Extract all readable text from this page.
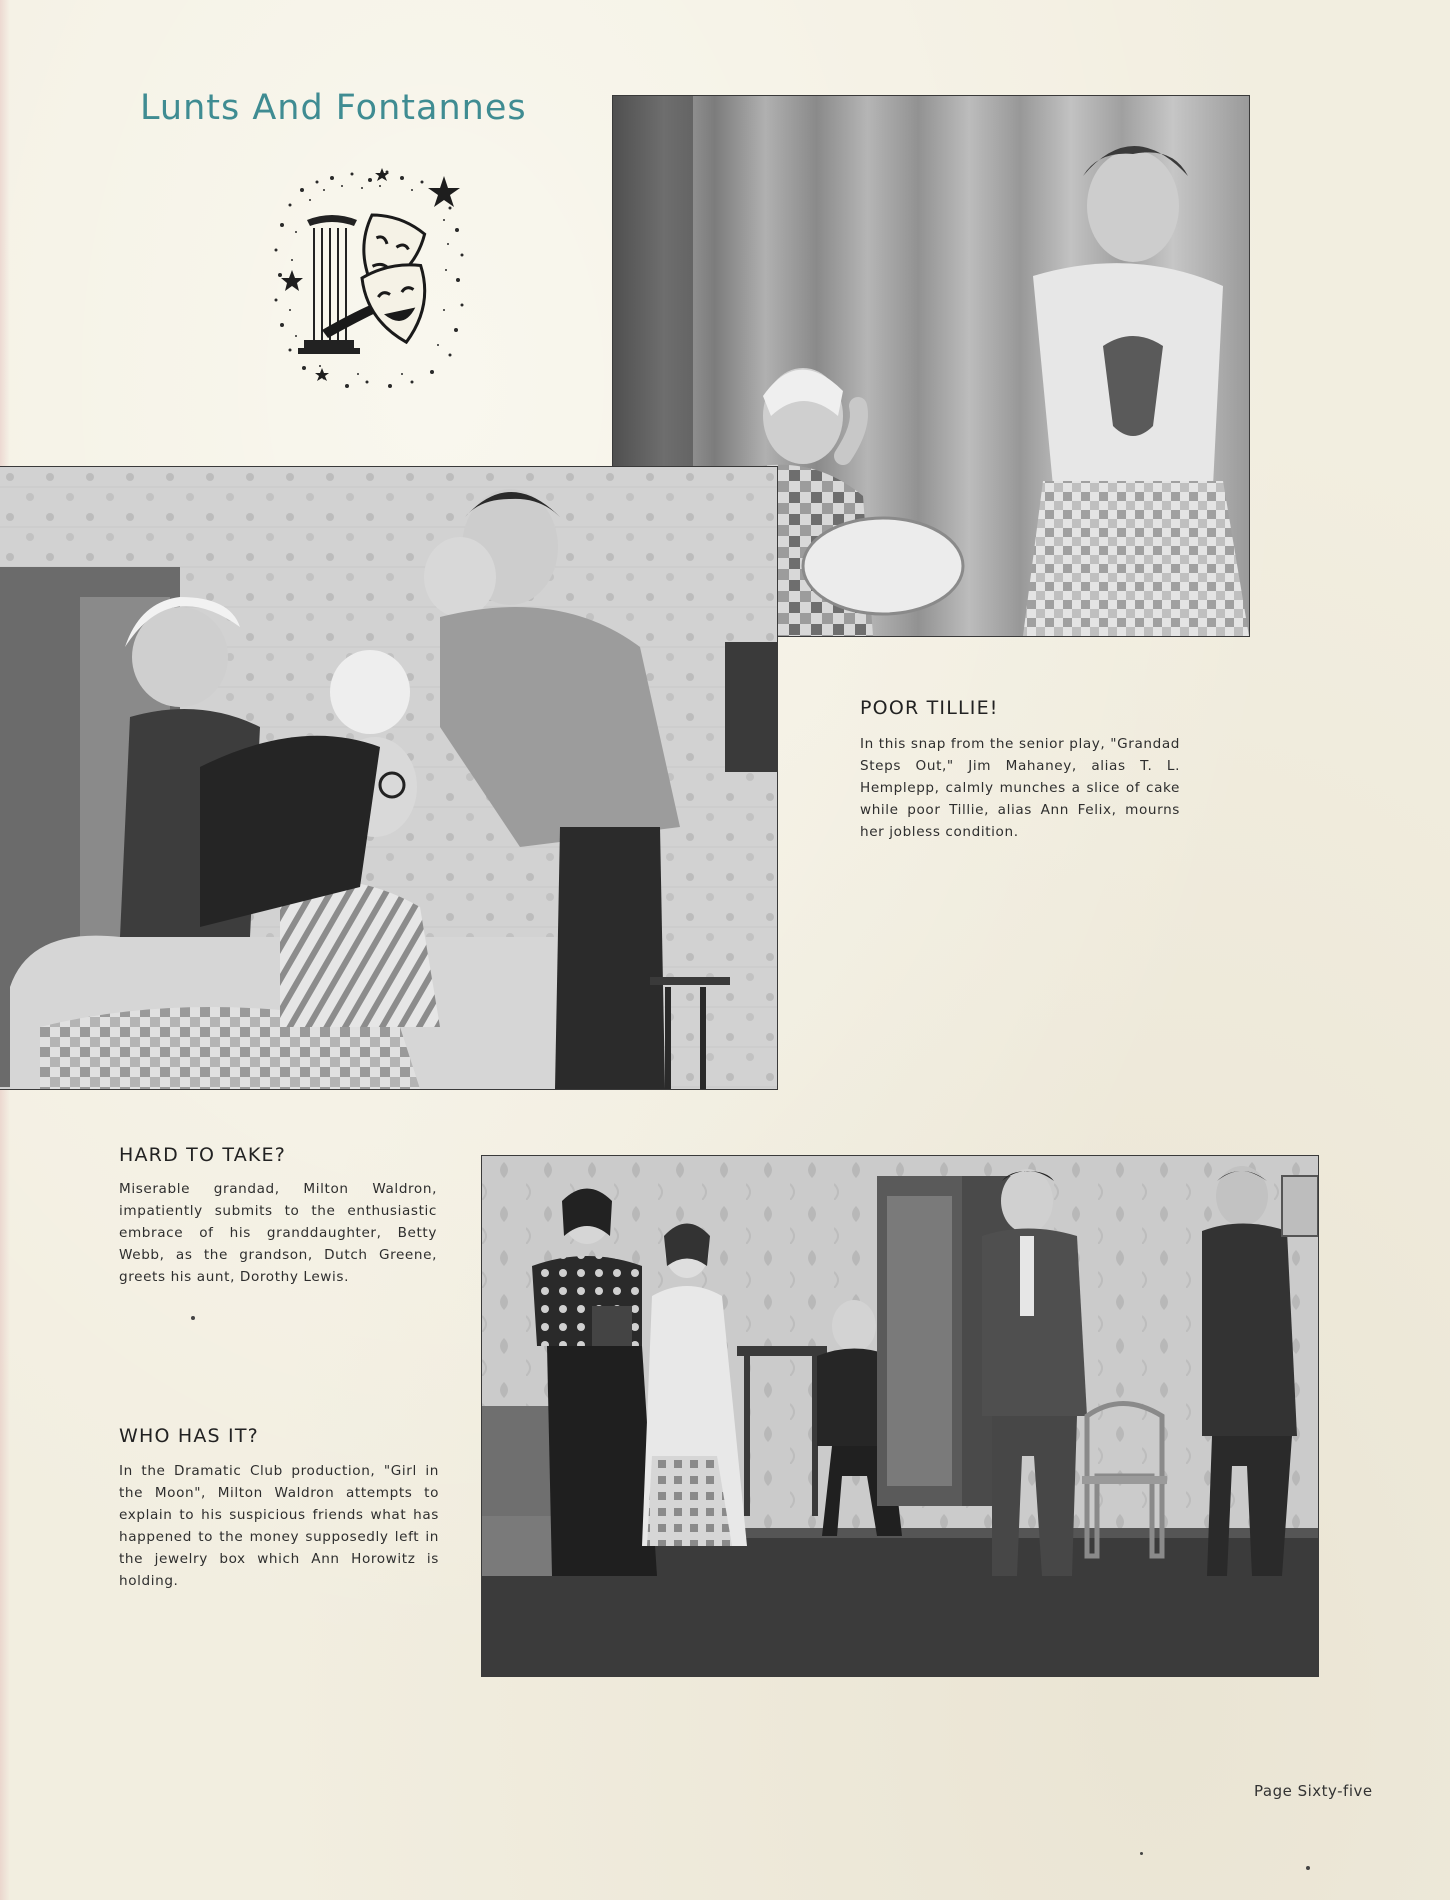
Lunts And Fontannes
POOR TILLIE!
In this snap from the senior play, "Grandad Steps Out," Jim Mahaney, alias T. L. Hemplepp, calmly munches a slice of cake while poor Tillie, alias Ann Felix, mourns her jobless condition.
HARD TO TAKE?
Miserable grandad, Milton Waldron, impatiently submits to the enthusiastic embrace of his granddaughter, Betty Webb, as the grandson, Dutch Greene, greets his aunt, Dorothy Lewis.
WHO HAS IT?
In the Dramatic Club production, "Girl in the Moon", Milton Waldron attempts to explain to his suspicious friends what has happened to the money supposedly left in the jewelry box which Ann Horowitz is holding.
Page Sixty-five
